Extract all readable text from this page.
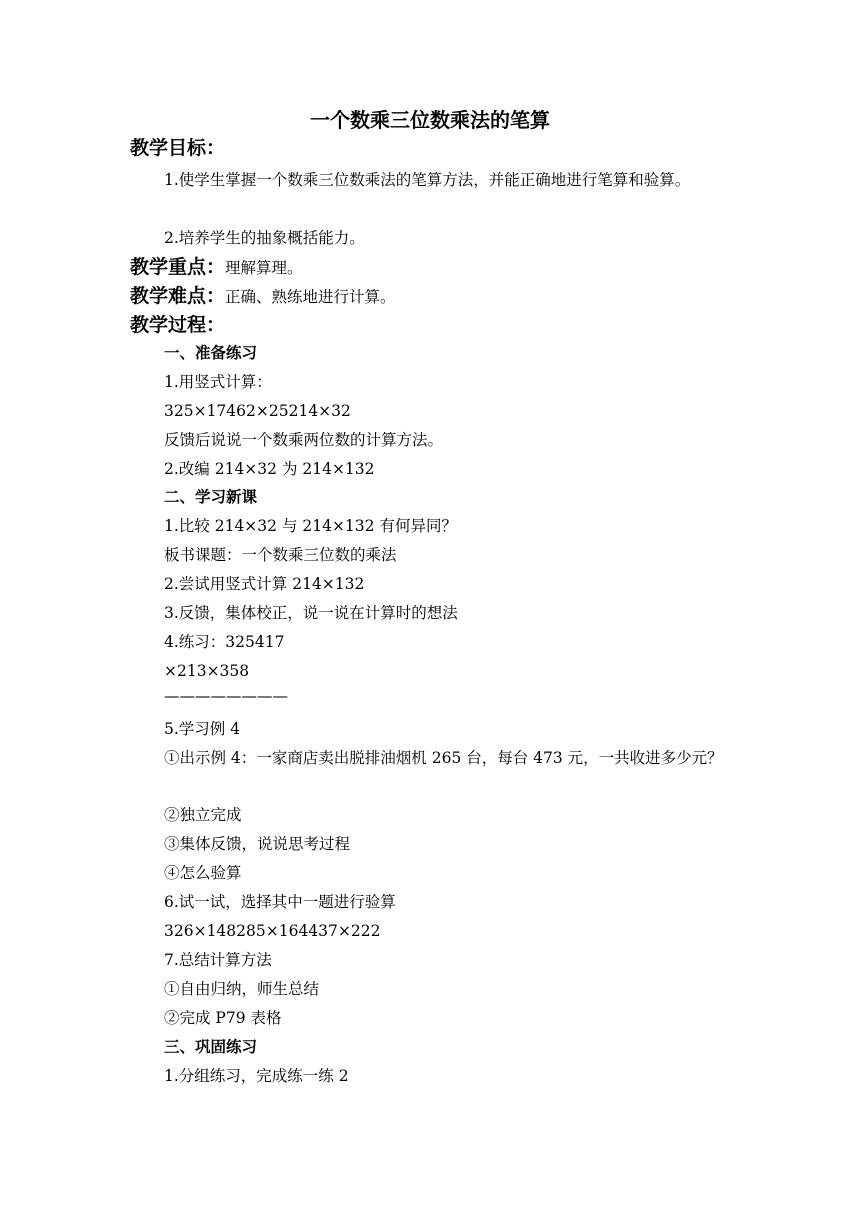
一个数乘三位数乘法的笔算
教学目标：
1.使学生掌握一个数乘三位数乘法的笔算方法，并能正确地进行笔算和验算。
2.培养学生的抽象概括能力。
教学重点：理解算理。
教学难点：正确、熟练地进行计算。
教学过程：
一、准备练习
1.用竖式计算：
325×17462×25214×32
反馈后说说一个数乘两位数的计算方法。
2.改编 214×32 为 214×132
二、学习新课
1.比较 214×32 与 214×132 有何异同？
板书课题：一个数乘三位数的乘法
2.尝试用竖式计算 214×132
3.反馈，集体校正，说一说在计算时的想法
4.练习：325417
×213×358
————————
5.学习例 4
①出示例 4：一家商店卖出脱排油烟机 265 台，每台 473 元，一共收进多少元？
②独立完成
③集体反馈，说说思考过程
④怎么验算
6.试一试，选择其中一题进行验算
326×148285×164437×222
7.总结计算方法
①自由归纳，师生总结
②完成 P79 表格
三、巩固练习
1.分组练习，完成练一练 2
